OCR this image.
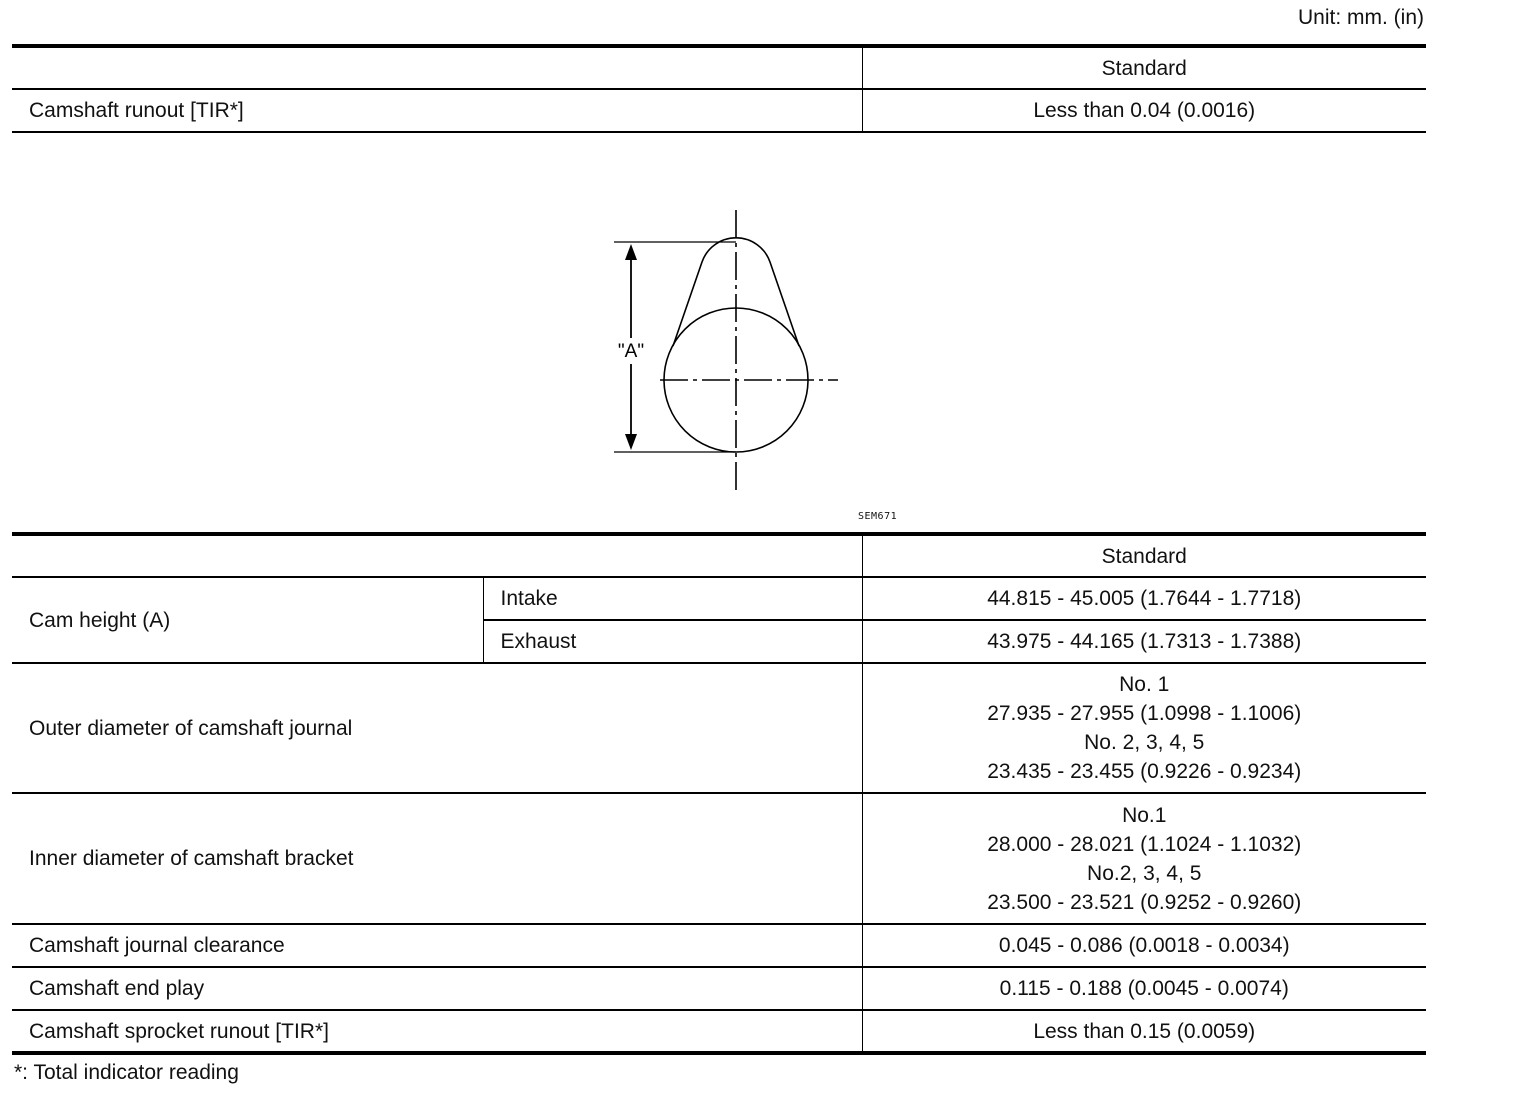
Unit: mm. (in)
	Standard
Camshaft runout [TIR*]	Less than 0.04 (0.0016)
"A"
SEM671
		Standard
Cam height (A)	Intake	44.815 - 45.005 (1.7644 - 1.7718)
	Exhaust	43.975 - 44.165 (1.7313 - 1.7388)
Outer diameter of camshaft journal		No. 1
27.935 - 27.955 (1.0998 - 1.1006)
No. 2, 3, 4, 5
23.435 - 23.455 (0.9226 - 0.9234)

Inner diameter of camshaft bracket		No.1
28.000 - 28.021 (1.1024 - 1.1032)
No.2, 3, 4, 5
23.500 - 23.521 (0.9252 - 0.9260)

Camshaft journal clearance		0.045 - 0.086 (0.0018 - 0.0034)
Camshaft end play		0.115 - 0.188 (0.0045 - 0.0074)
Camshaft sprocket runout [TIR*]		Less than 0.15 (0.0059)
*: Total indicator reading
